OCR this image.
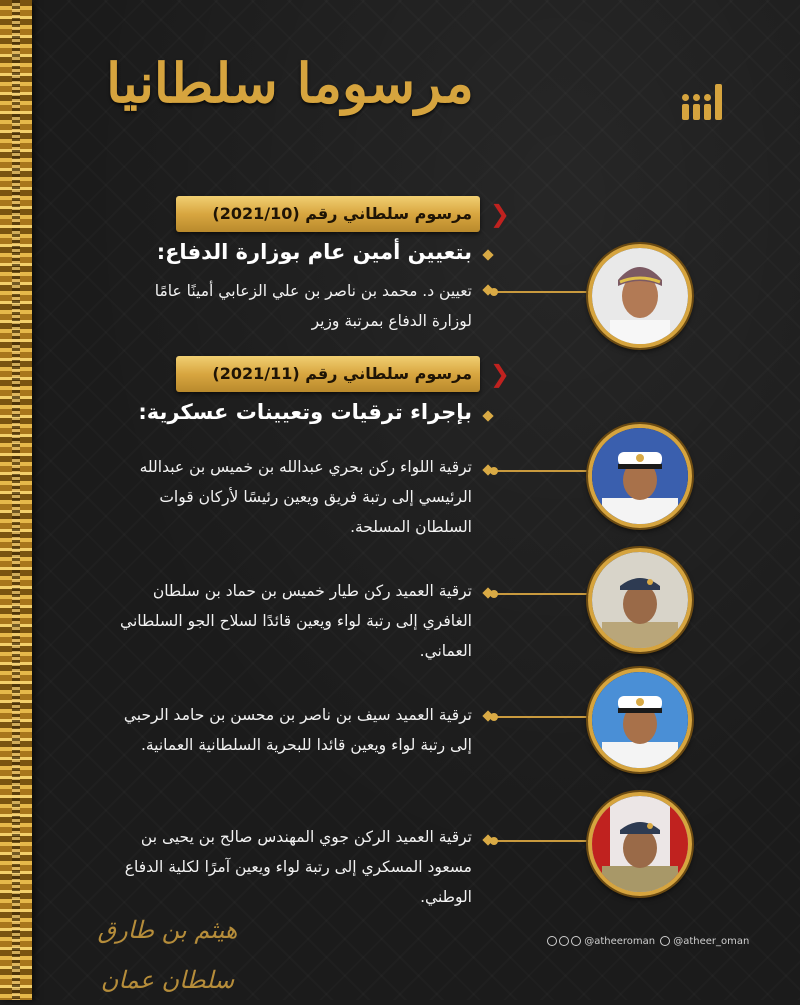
مرسوما سلطانيا
❮
مرسوم سلطاني رقم (2021/10)
بتعيين أمين عام بوزارة الدفاع:
تعيين د. محمد بن ناصر بن علي الزعابي أمينًا عامًا لوزارة الدفاع بمرتبة وزير
❮
مرسوم سلطاني رقم (2021/11)
بإجراء ترقيات وتعيينات عسكرية:
ترقية اللواء ركن بحري عبدالله بن خميس بن عبدالله الرئيسي إلى رتبة فريق ويعين رئيسًا لأركان قوات السلطان المسلحة.
ترقية العميد ركن طيار خميس بن حماد بن سلطان الغافري إلى رتبة لواء ويعين قائدًا لسلاح الجو السلطاني العماني.
ترقية العميد سيف بن ناصر بن محسن بن حامد الرحبي إلى رتبة لواء ويعين قائدا للبحرية السلطانية العمانية.
ترقية العميد الركن جوي المهندس صالح بن يحيى بن مسعود المسكري إلى رتبة لواء ويعين آمرًا لكلية الدفاع الوطني.
هيثم بن طارق سلطان عمان
@atheeroman	@atheer_oman
